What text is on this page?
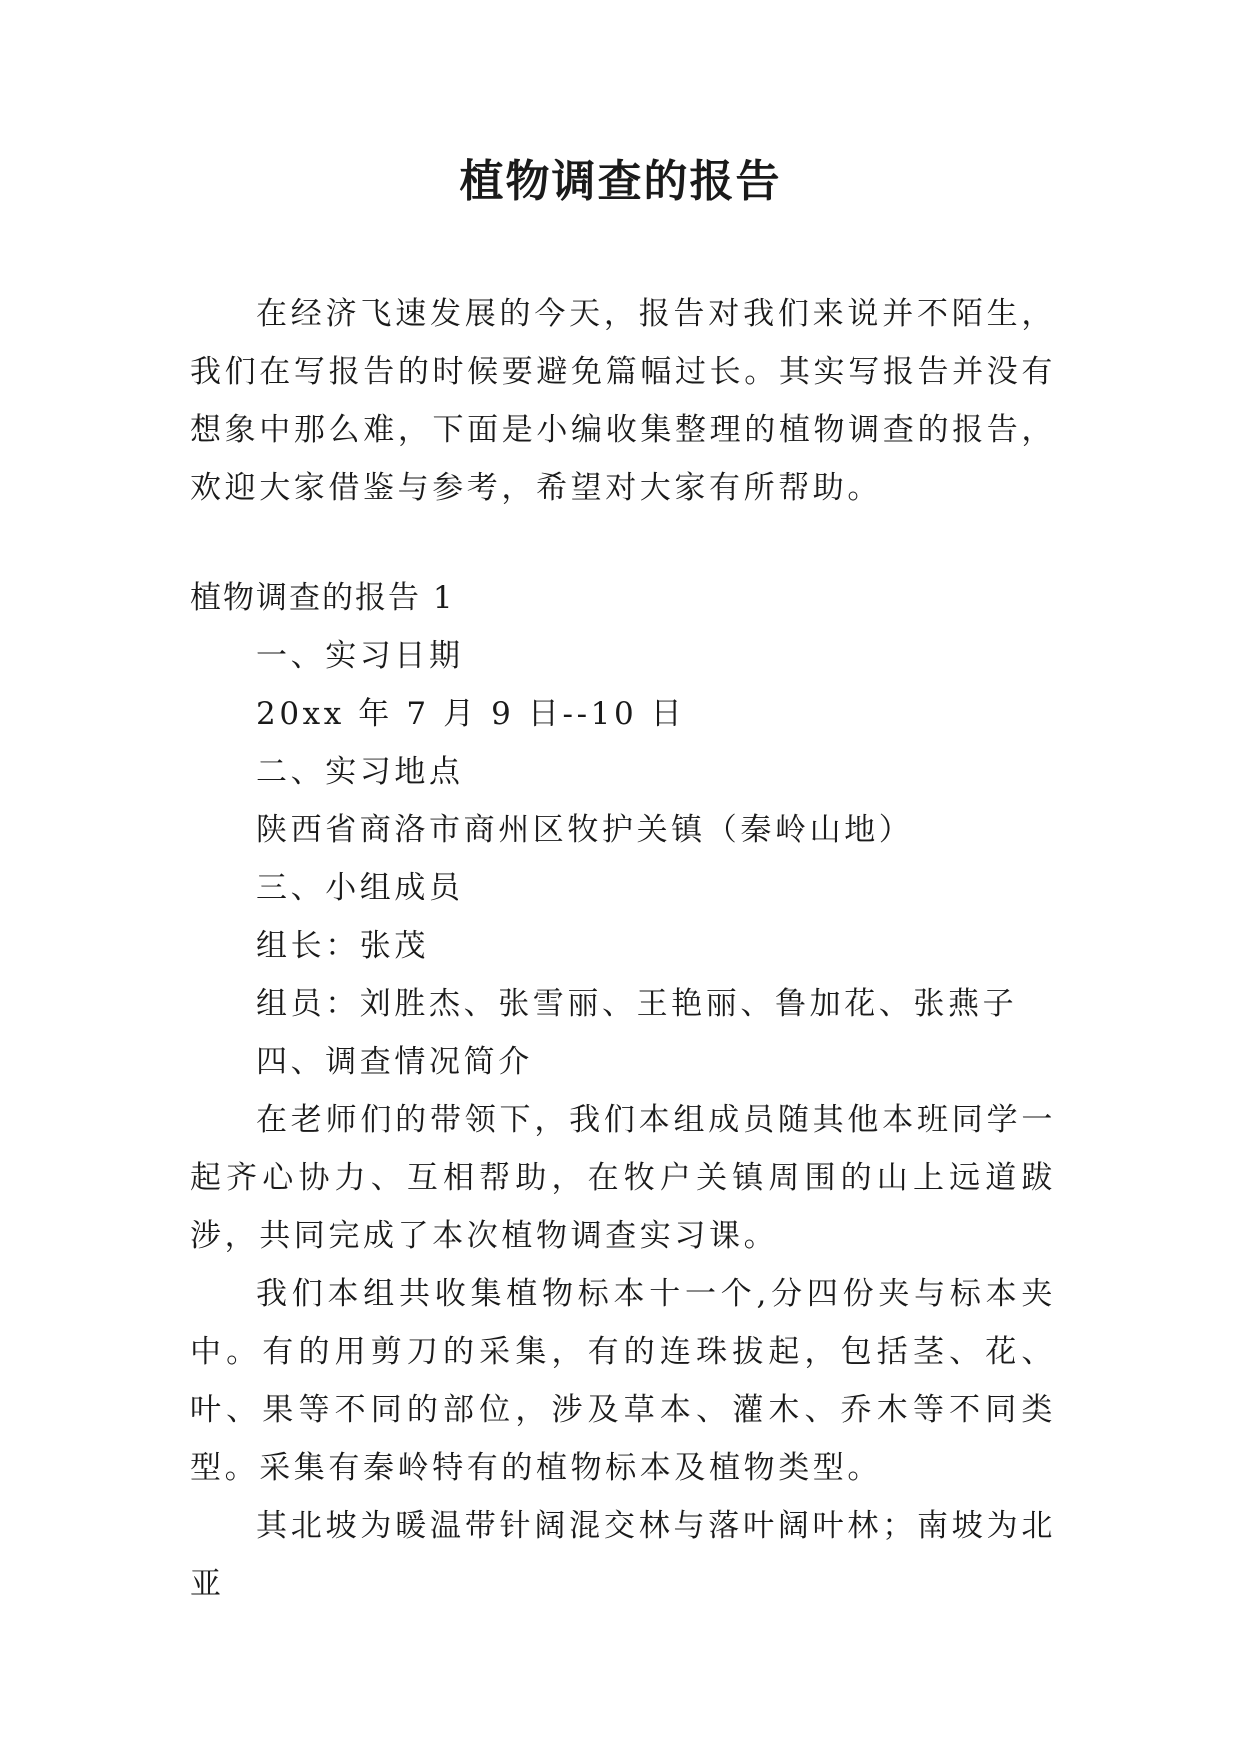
植物调查的报告

在经济飞速发展的今天，报告对我们来说并不陌生，我们在写报告的时候要避免篇幅过长。其实写报告并没有想象中那么难，下面是小编收集整理的植物调查的报告，欢迎大家借鉴与参考，希望对大家有所帮助。

植物调查的报告 1

一、实习日期

20xx 年 7 月 9 日--10 日

二、实习地点

陕西省商洛市商州区牧护关镇（秦岭山地）

三、小组成员

组长：张茂

组员：刘胜杰、张雪丽、王艳丽、鲁加花、张燕子

四、调查情况简介

在老师们的带领下，我们本组成员随其他本班同学一起齐心协力、互相帮助，在牧户关镇周围的山上远道跋涉，共同完成了本次植物调查实习课。

我们本组共收集植物标本十一个,分四份夹与标本夹中。有的用剪刀的采集，有的连珠拔起，包括茎、花、叶、果等不同的部位，涉及草本、灌木、乔木等不同类型。采集有秦岭特有的植物标本及植物类型。

其北坡为暖温带针阔混交林与落叶阔叶林；南坡为北亚
